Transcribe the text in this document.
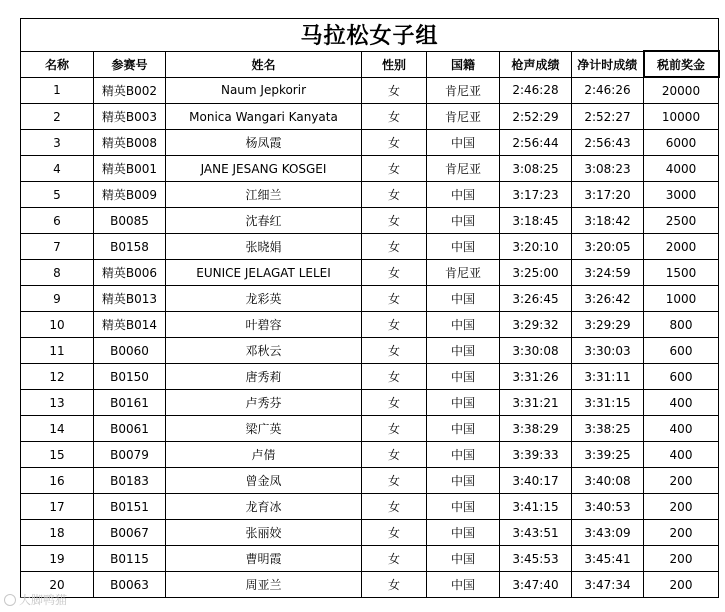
马拉松女子组							
名称	参赛号	姓名	性别	国籍	枪声成绩	净计时成绩	税前奖金
1	精英B002	Naum Jepkorir	女	肯尼亚	2:46:28	2:46:26	20000
2	精英B003	Monica Wangari Kanyata	女	肯尼亚	2:52:29	2:52:27	10000
3	精英B008	杨凤霞	女	中国	2:56:44	2:56:43	6000
4	精英B001	JANE JESANG KOSGEI	女	肯尼亚	3:08:25	3:08:23	4000
5	精英B009	江细兰	女	中国	3:17:23	3:17:20	3000
6	B0085	沈春红	女	中国	3:18:45	3:18:42	2500
7	B0158	张晓娟	女	中国	3:20:10	3:20:05	2000
8	精英B006	EUNICE JELAGAT LELEI	女	肯尼亚	3:25:00	3:24:59	1500
9	精英B013	龙彩英	女	中国	3:26:45	3:26:42	1000
10	精英B014	叶碧容	女	中国	3:29:32	3:29:29	800
11	B0060	邓秋云	女	中国	3:30:08	3:30:03	600
12	B0150	唐秀莉	女	中国	3:31:26	3:31:11	600
13	B0161	卢秀芬	女	中国	3:31:21	3:31:15	400
14	B0061	梁广英	女	中国	3:38:29	3:38:25	400
15	B0079	卢倩	女	中国	3:39:33	3:39:25	400
16	B0183	曾金凤	女	中国	3:40:17	3:40:08	200
17	B0151	龙育冰	女	中国	3:41:15	3:40:53	200
18	B0067	张丽姣	女	中国	3:43:51	3:43:09	200
19	B0115	曹明霞	女	中国	3:45:53	3:45:41	200
20	B0063	周亚兰	女	中国	3:47:40	3:47:34	200
大脚鸭猫
